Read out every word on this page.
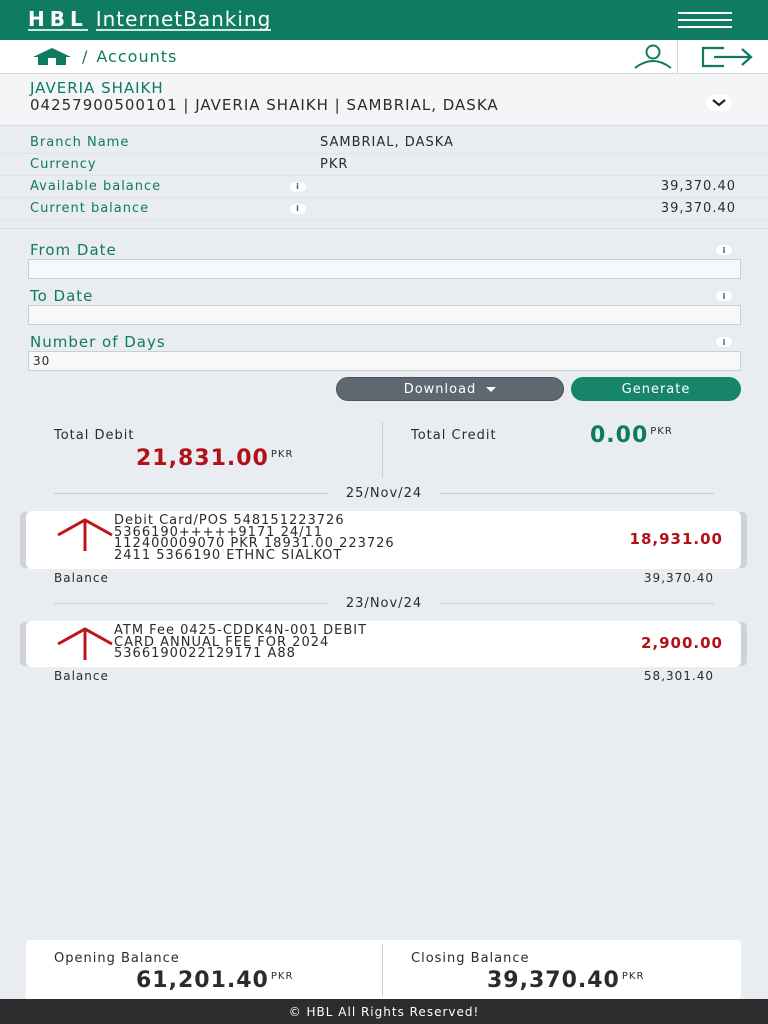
HBL InternetBanking
/ Accounts
JAVERIA SHAIKH
04257900500101 | JAVERIA SHAIKH | SAMBRIAL, DASKA
Branch Name	SAMBRIAL, DASKA
Currency	PKR
Available balance	i	39,370.40
Current balance	i	39,370.40
From Date	i
To Date	i
Number of Days	i
30
Download	Generate
Total Debit
21,831.00 $^{PKR}$
Total Credit	0.00 $^{PKR}$
25/Nov/24
Debit Card/POS 548151223726
5366190+++++9171 24/11
112400009070 PKR 18931.00 223726
2411 5366190 ETHNC SIALKOT
18,931.00
Balance	39,370.40
23/Nov/24
ATM Fee 0425-CDDK4N-001 DEBIT
CARD ANNUAL FEE FOR 2024
5366190022129171 A88
2,900.00
Balance	58,301.40
Opening Balance
61,201.40 $^{PKR}$
Closing Balance
39,370.40 $^{PKR}$
© HBL All Rights Reserved!
